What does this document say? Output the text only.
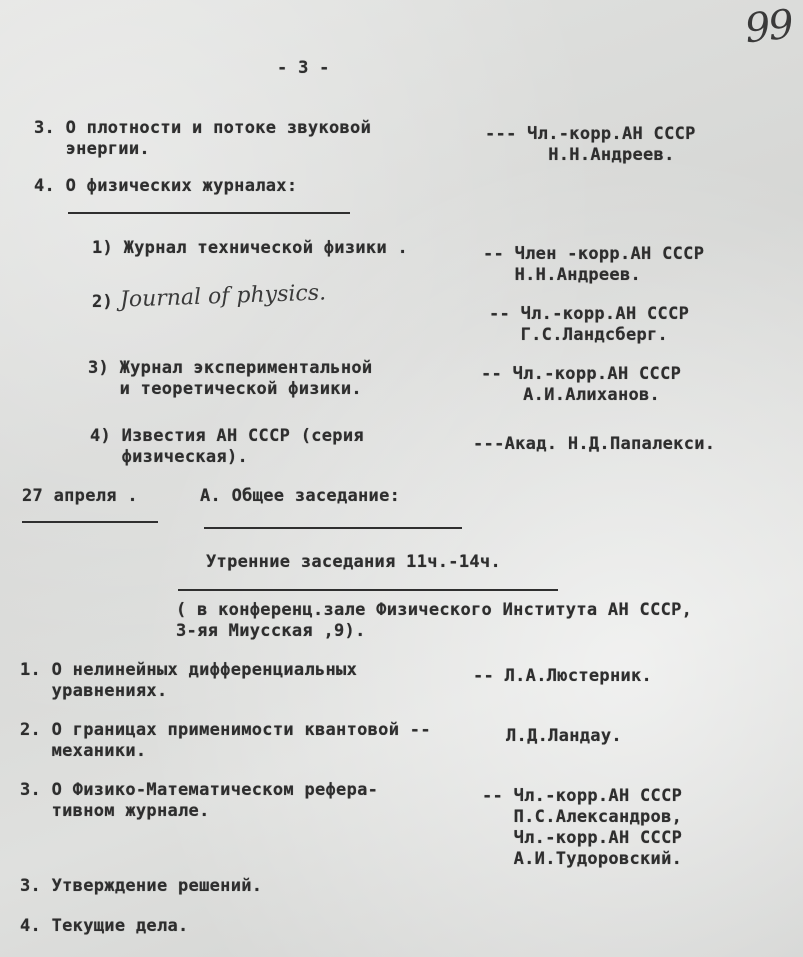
99
- 3 -
3. О плотности и потоке звуковой
энергии.
--- Чл.-корр.АН СССР
Н.Н.Андреев.
4. О физических журналах:
1) Журнал технической физики .	-- Член -корр.АН СССР
Н.Н.Андреев.
2) Journal of physics.
-- Чл.-корр.АН СССР
Г.С.Ландсберг.
3) Журнал экспериментальной
и теоретической физики.
-- Чл.-корр.АН СССР
А.И.Алиханов.
4) Известия АН СССР (серия
физическая).
---Акад. Н.Д.Папалекси.
27 апреля .	А. Общее заседание:
Утренние заседания 11ч.-14ч.
( в конференц.зале Физического Института АН СССР,
3-яя Миусская ,9).
1. О нелинейных дифференциальных
уравнениях.
-- Л.А.Люстерник.
2. О границах применимости квантовой --
механики.
Л.Д.Ландау.
3. О Физико-Математическом рефера-
тивном журнале.
-- Чл.-корр.АН СССР
П.С.Александров,
Чл.-корр.АН СССР
А.И.Тудоровский.
3. Утверждение решений.
4. Текущие дела.
